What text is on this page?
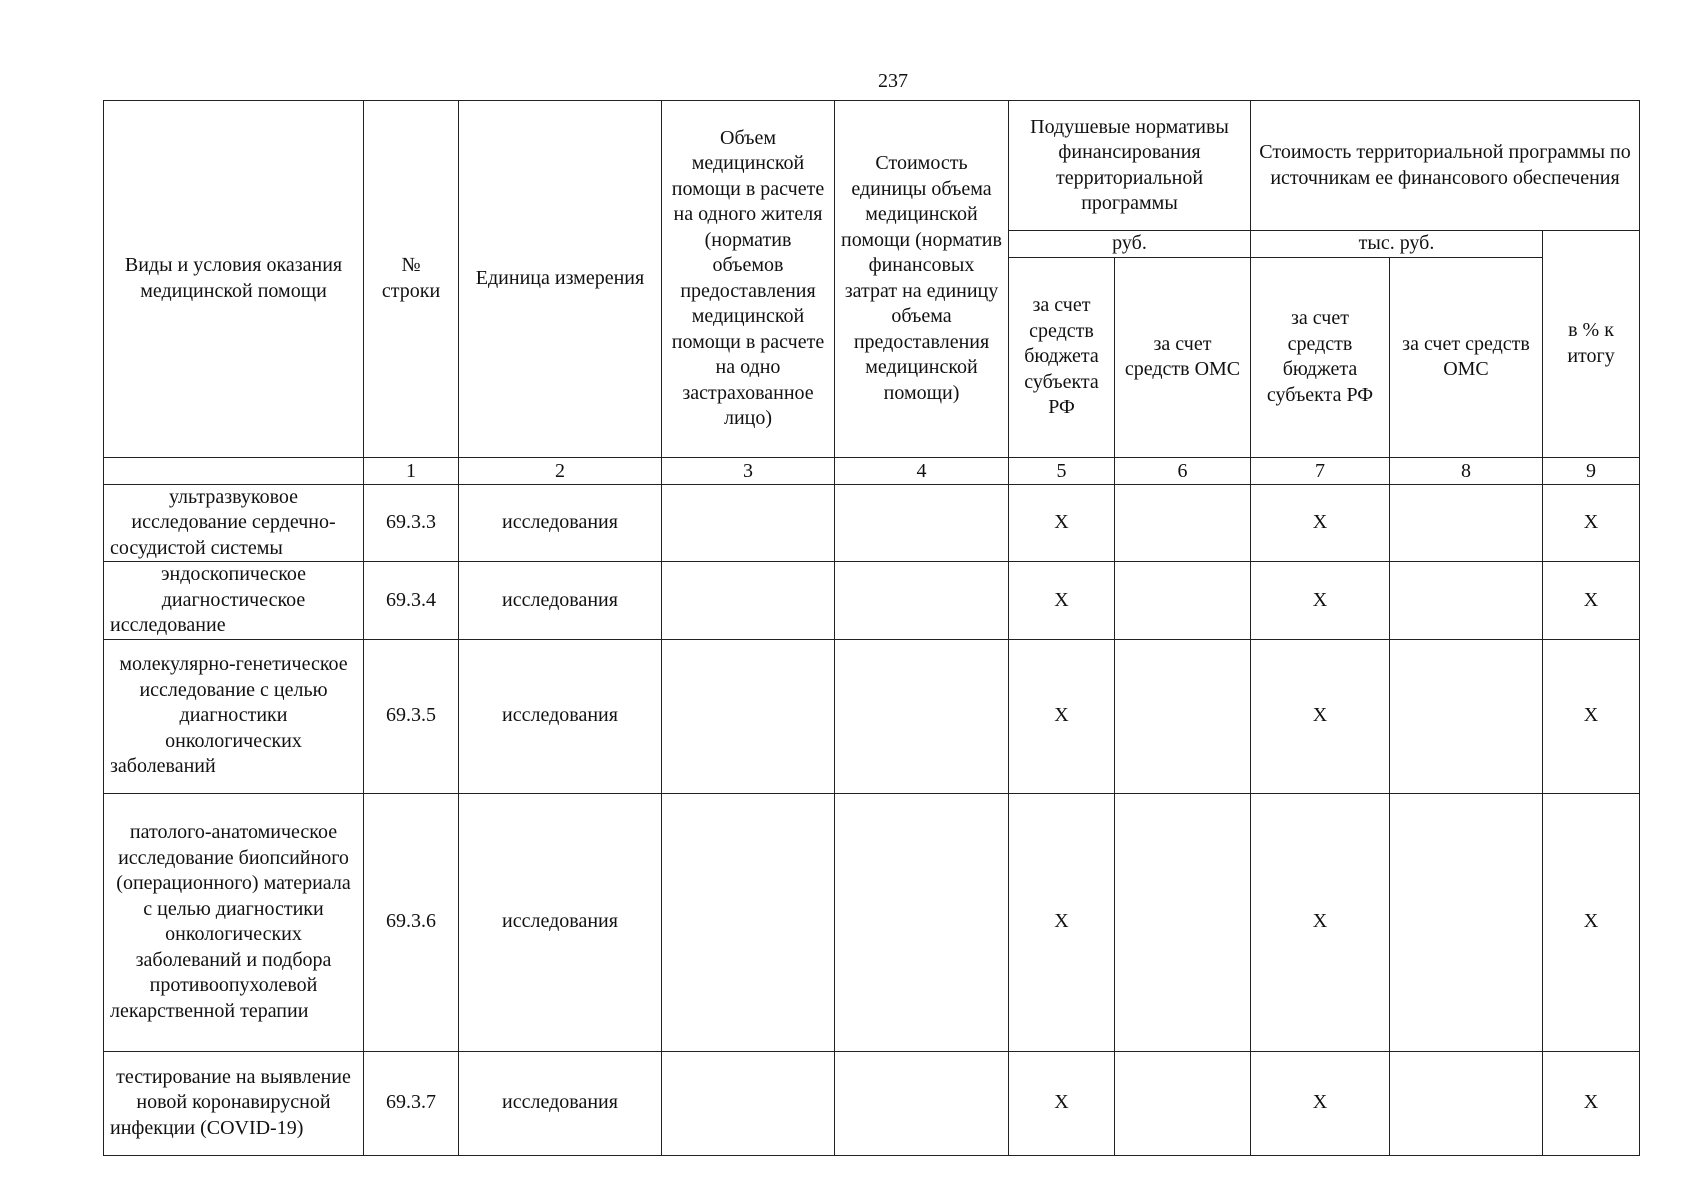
237
Виды и условия оказания медицинской помощи	№ строки	Единица измерения	Объем медицинской помощи в расчете на одного жителя (норматив объемов предоставления медицинской помощи в расчете на одно застрахованное лицо)	Стоимость единицы объема медицинской помощи (норматив финансовых затрат на единицу объема предоставления медицинской помощи)	Подушевые нормативы финансирования территориальной программы		Стоимость территориальной программы по источникам ее финансового обеспечения		
					руб.		тыс. руб.		в % к итогу
					за счет средств бюджета субъекта РФ	за счет средств ОМС	за счет средств бюджета субъекта РФ	за счет средств ОМС	
	1	2	3	4	5	6	7	8	9
ультразвуковое исследование сердечно-сосудистой системы	69.3.3	исследования			X		X		X
эндоскопическое диагностическое исследование	69.3.4	исследования			X		X		X
молекулярно-генетическое исследование с целью диагностики онкологических заболеваний	69.3.5	исследования			X		X		X
патолого-анатомическое исследование биопсийного (операционного) материала с целью диагностики онкологических заболеваний и подбора противоопухолевой лекарственной терапии	69.3.6	исследования			X		X		X
тестирование на выявление новой коронавирусной инфекции (COVID-19)	69.3.7	исследования			X		X		X
